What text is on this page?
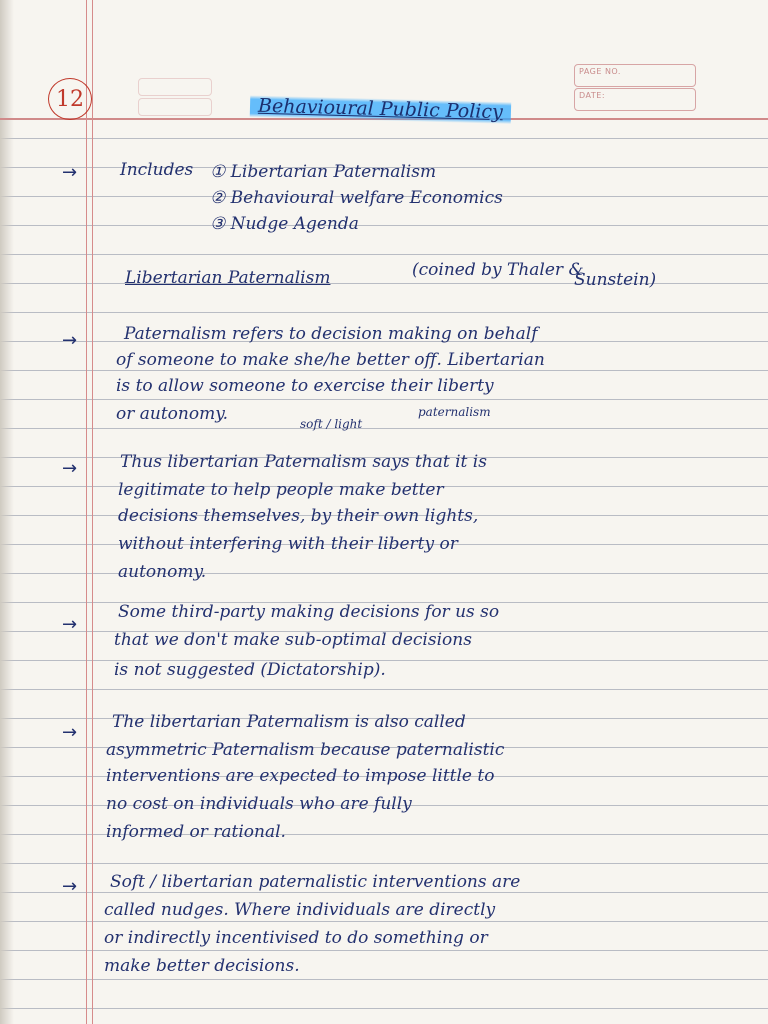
12
PAGE NO.
DATE:
Behavioural Public Policy
→	Includes ① Libertarian Paternalism
② Behavioural welfare Economics
③ Nudge Agenda
Libertarian Paternalism	(coined by Thaler &
Sunstein)
→	Paternalism refers to decision making on behalf
of someone to make she/he better off. Libertarian
is to allow someone to exercise their liberty
or autonomy.	soft / light
paternalism
→	Thus libertarian Paternalism says that it is
legitimate to help people make better
decisions themselves, by their own lights,
without interfering with their liberty or
autonomy.
→
Some third-party making decisions for us so
that we don't make sub-optimal decisions
is not suggested (Dictatorship).
→ The libertarian Paternalism is also called
asymmetric Paternalism because paternalistic
interventions are expected to impose little to
no cost on individuals who are fully
informed or rational.
→ Soft / libertarian paternalistic interventions are
called nudges. Where individuals are directly
or indirectly incentivised to do something or
make better decisions.
